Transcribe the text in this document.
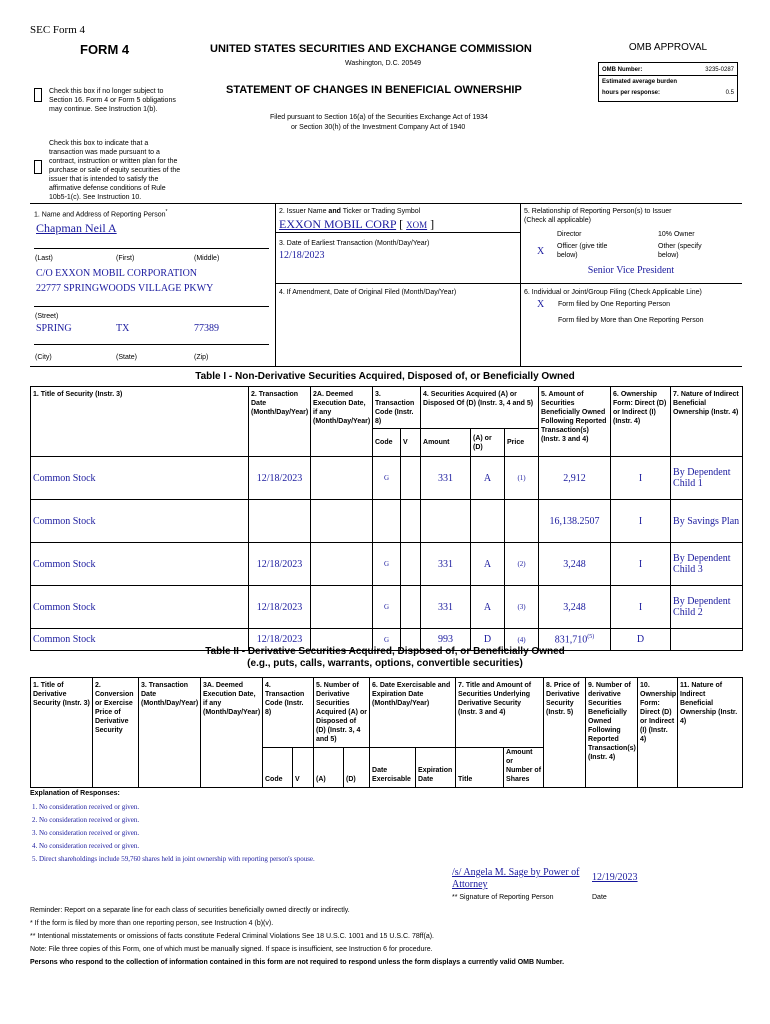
SEC Form 4
FORM 4	UNITED STATES SECURITIES AND EXCHANGE COMMISSION
Washington, D.C. 20549
STATEMENT OF CHANGES IN BENEFICIAL OWNERSHIP
Filed pursuant to Section 16(a) of the Securities Exchange Act of 1934
or Section 30(h) of the Investment Company Act of 1940
Check this box if no longer subject to
Section 16. Form 4 or Form 5 obligations
may continue. See Instruction 1(b).
Check this box to indicate that a
transaction was made pursuant to a
contract, instruction or written plan for the
purchase or sale of equity securities of the
issuer that is intended to satisfy the
affirmative defense conditions of Rule
10b5-1(c). See Instruction 10.
OMB APPROVAL
OMB Number:	3235-0287
Estimated average burden
hours per response:	0.5
1. Name and Address of Reporting Person*
Chapman Neil A
(Last)	(First)	(Middle)
C/O EXXON MOBIL CORPORATION
22777 SPRINGWOODS VILLAGE PKWY
(Street)
SPRING	TX	77389
(City)	(State)	(Zip)
2. Issuer Name and Ticker or Trading Symbol
EXXON MOBIL CORP [ XOM ]
3. Date of Earliest Transaction (Month/Day/Year)
12/18/2023
4. If Amendment, Date of Original Filed (Month/Day/Year)
5. Relationship of Reporting Person(s) to Issuer
(Check all applicable)
Director	10% Owner
X Officer (give title
below)
Other (specify
below)
Senior Vice President
6. Individual or Joint/Group Filing (Check Applicable Line)
X Form filed by One Reporting Person
Form filed by More than One Reporting Person
Table I - Non-Derivative Securities Acquired, Disposed of, or Beneficially Owned
1. Title of Security (Instr. 3)	2. Transaction Date (Month/Day/Year)	2A. Deemed Execution Date, if any (Month/Day/Year)	3. Transaction Code (Instr. 8)		4. Securities Acquired (A) or Disposed Of (D) (Instr. 3, 4 and 5)			5. Amount of Securities Beneficially Owned Following Reported Transaction(s) (Instr. 3 and 4)	6. Ownership Form: Direct (D) or Indirect (I) (Instr. 4)	7. Nature of Indirect Beneficial Ownership (Instr. 4)
			Code	V	Amount	(A) or (D)	Price			
Common Stock	12/18/2023		G		331	A	(1)	2,912	I	By Dependent Child 1
Common Stock								16,138.2507	I	By Savings Plan
Common Stock	12/18/2023		G		331	A	(2)	3,248	I	By Dependent Child 3
Common Stock	12/18/2023		G		331	A	(3)	3,248	I	By Dependent Child 2
Common Stock	12/18/2023		G		993	D	(4)	831,710$^{(5)}$	D	
Table II - Derivative Securities Acquired, Disposed of, or Beneficially Owned
(e.g., puts, calls, warrants, options, convertible securities)
1. Title of Derivative Security (Instr. 3)	2. Conversion or Exercise Price of Derivative Security	3. Transaction Date (Month/Day/Year)	3A. Deemed Execution Date, if any (Month/Day/Year)	4. Transaction Code (Instr. 8)		5. Number of Derivative Securities Acquired (A) or Disposed of (D) (Instr. 3, 4 and 5)		6. Date Exercisable and Expiration Date (Month/Day/Year)		7. Title and Amount of Securities Underlying Derivative Security (Instr. 3 and 4)		8. Price of Derivative Security (Instr. 5)	9. Number of derivative Securities Beneficially Owned Following Reported Transaction(s) (Instr. 4)	10. Ownership Form: Direct (D) or Indirect (I) (Instr. 4)	11. Nature of Indirect Beneficial Ownership (Instr. 4)
				Code	V	(A)	(D)	Date Exercisable	Expiration Date	Title	Amount or Number of Shares				
Explanation of Responses:
1. No consideration received or given.
2. No consideration received or given.
3. No consideration received or given.
4. No consideration received or given.
5. Direct shareholdings include 59,760 shares held in joint ownership with reporting person's spouse.
/s/ Angela M. Sage by Power of
Attorney
12/19/2023
** Signature of Reporting Person	Date
Reminder: Report on a separate line for each class of securities beneficially owned directly or indirectly.
* If the form is filed by more than one reporting person, see Instruction 4 (b)(v).
** Intentional misstatements or omissions of facts constitute Federal Criminal Violations See 18 U.S.C. 1001 and 15 U.S.C. 78ff(a).
Note: File three copies of this Form, one of which must be manually signed. If space is insufficient, see Instruction 6 for procedure.
Persons who respond to the collection of information contained in this form are not required to respond unless the form displays a currently valid OMB Number.
